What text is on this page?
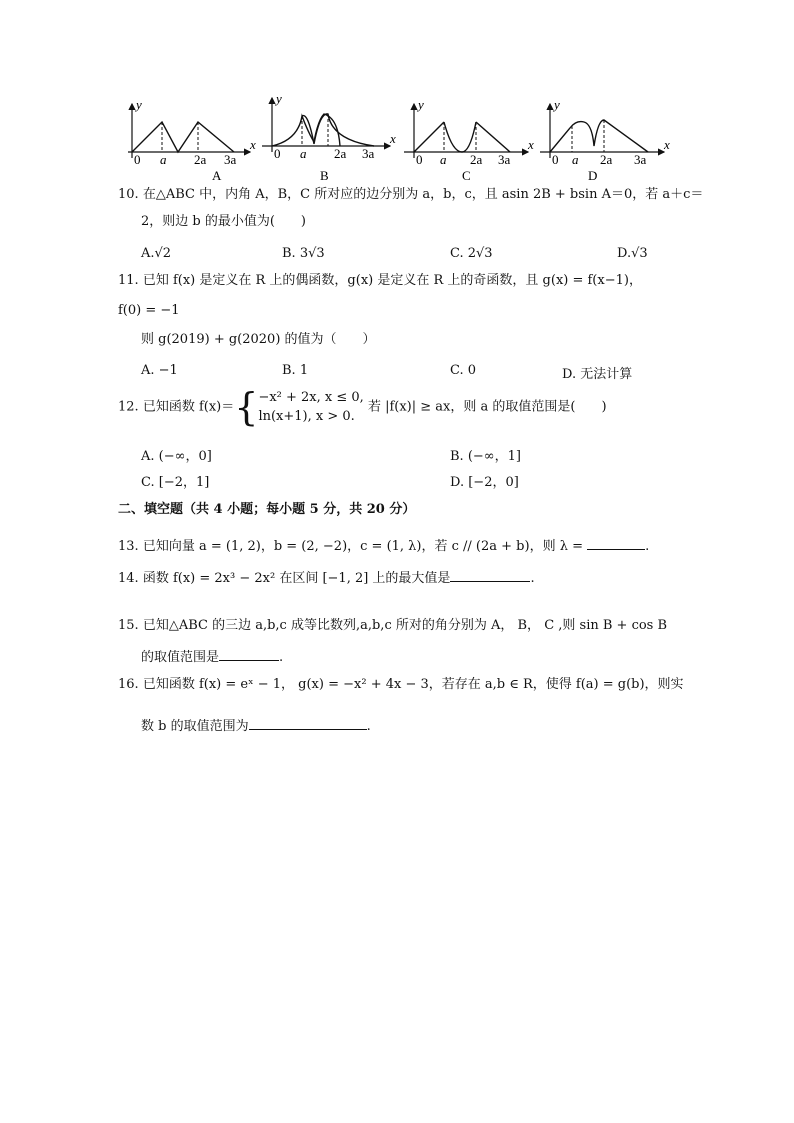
y
x
0 a 2a 3a
A
y
x
0 a 2a 3a
B
y
x
0 a 2a 3a
C
y
x
0 a 2a 3a
D
10. 在△ABC 中，内角 A，B，C 所对应的边分别为 a，b，c，且 asin 2B + bsin A＝0，若 a＋c＝
2，则边 b 的最小值为(　　)
A.√2	B. 3√3	C. 2√3	D.√3
11. 已知 f(x) 是定义在 R 上的偶函数，g(x) 是定义在 R 上的奇函数，且 g(x) = f(x−1)，
f(0) = −1
则 g(2019) + g(2020) 的值为（　　）
A. −1	B. 1	C. 0	D. 无法计算
12. 已知函数 f(x)＝{ −x² + 2x, x ≤ 0,
ln(x+1), x > 0.
若 |f(x)| ≥ ax，则 a 的取值范围是(　　)
A. (−∞，0]	B. (−∞，1]
C. [−2，1]	D. [−2，0]
二、填空题（共 4 小题；每小题 5 分，共 20 分）
13. 已知向量 a = (1, 2)，b = (2, −2)，c = (1, λ)，若 c // (2a + b)，则 λ =	.
14. 函数 f(x) = 2x³ − 2x² 在区间 [−1, 2] 上的最大值是	.
15. 已知△ABC 的三边 a,b,c 成等比数列,a,b,c 所对的角分别为 A， B， C ,则 sin B + cos B
的取值范围是	.
16. 已知函数 f(x) = eˣ − 1， g(x) = −x² + 4x − 3，若存在 a,b ∈ R，使得 f(a) = g(b)，则实
数 b 的取值范围为	.
